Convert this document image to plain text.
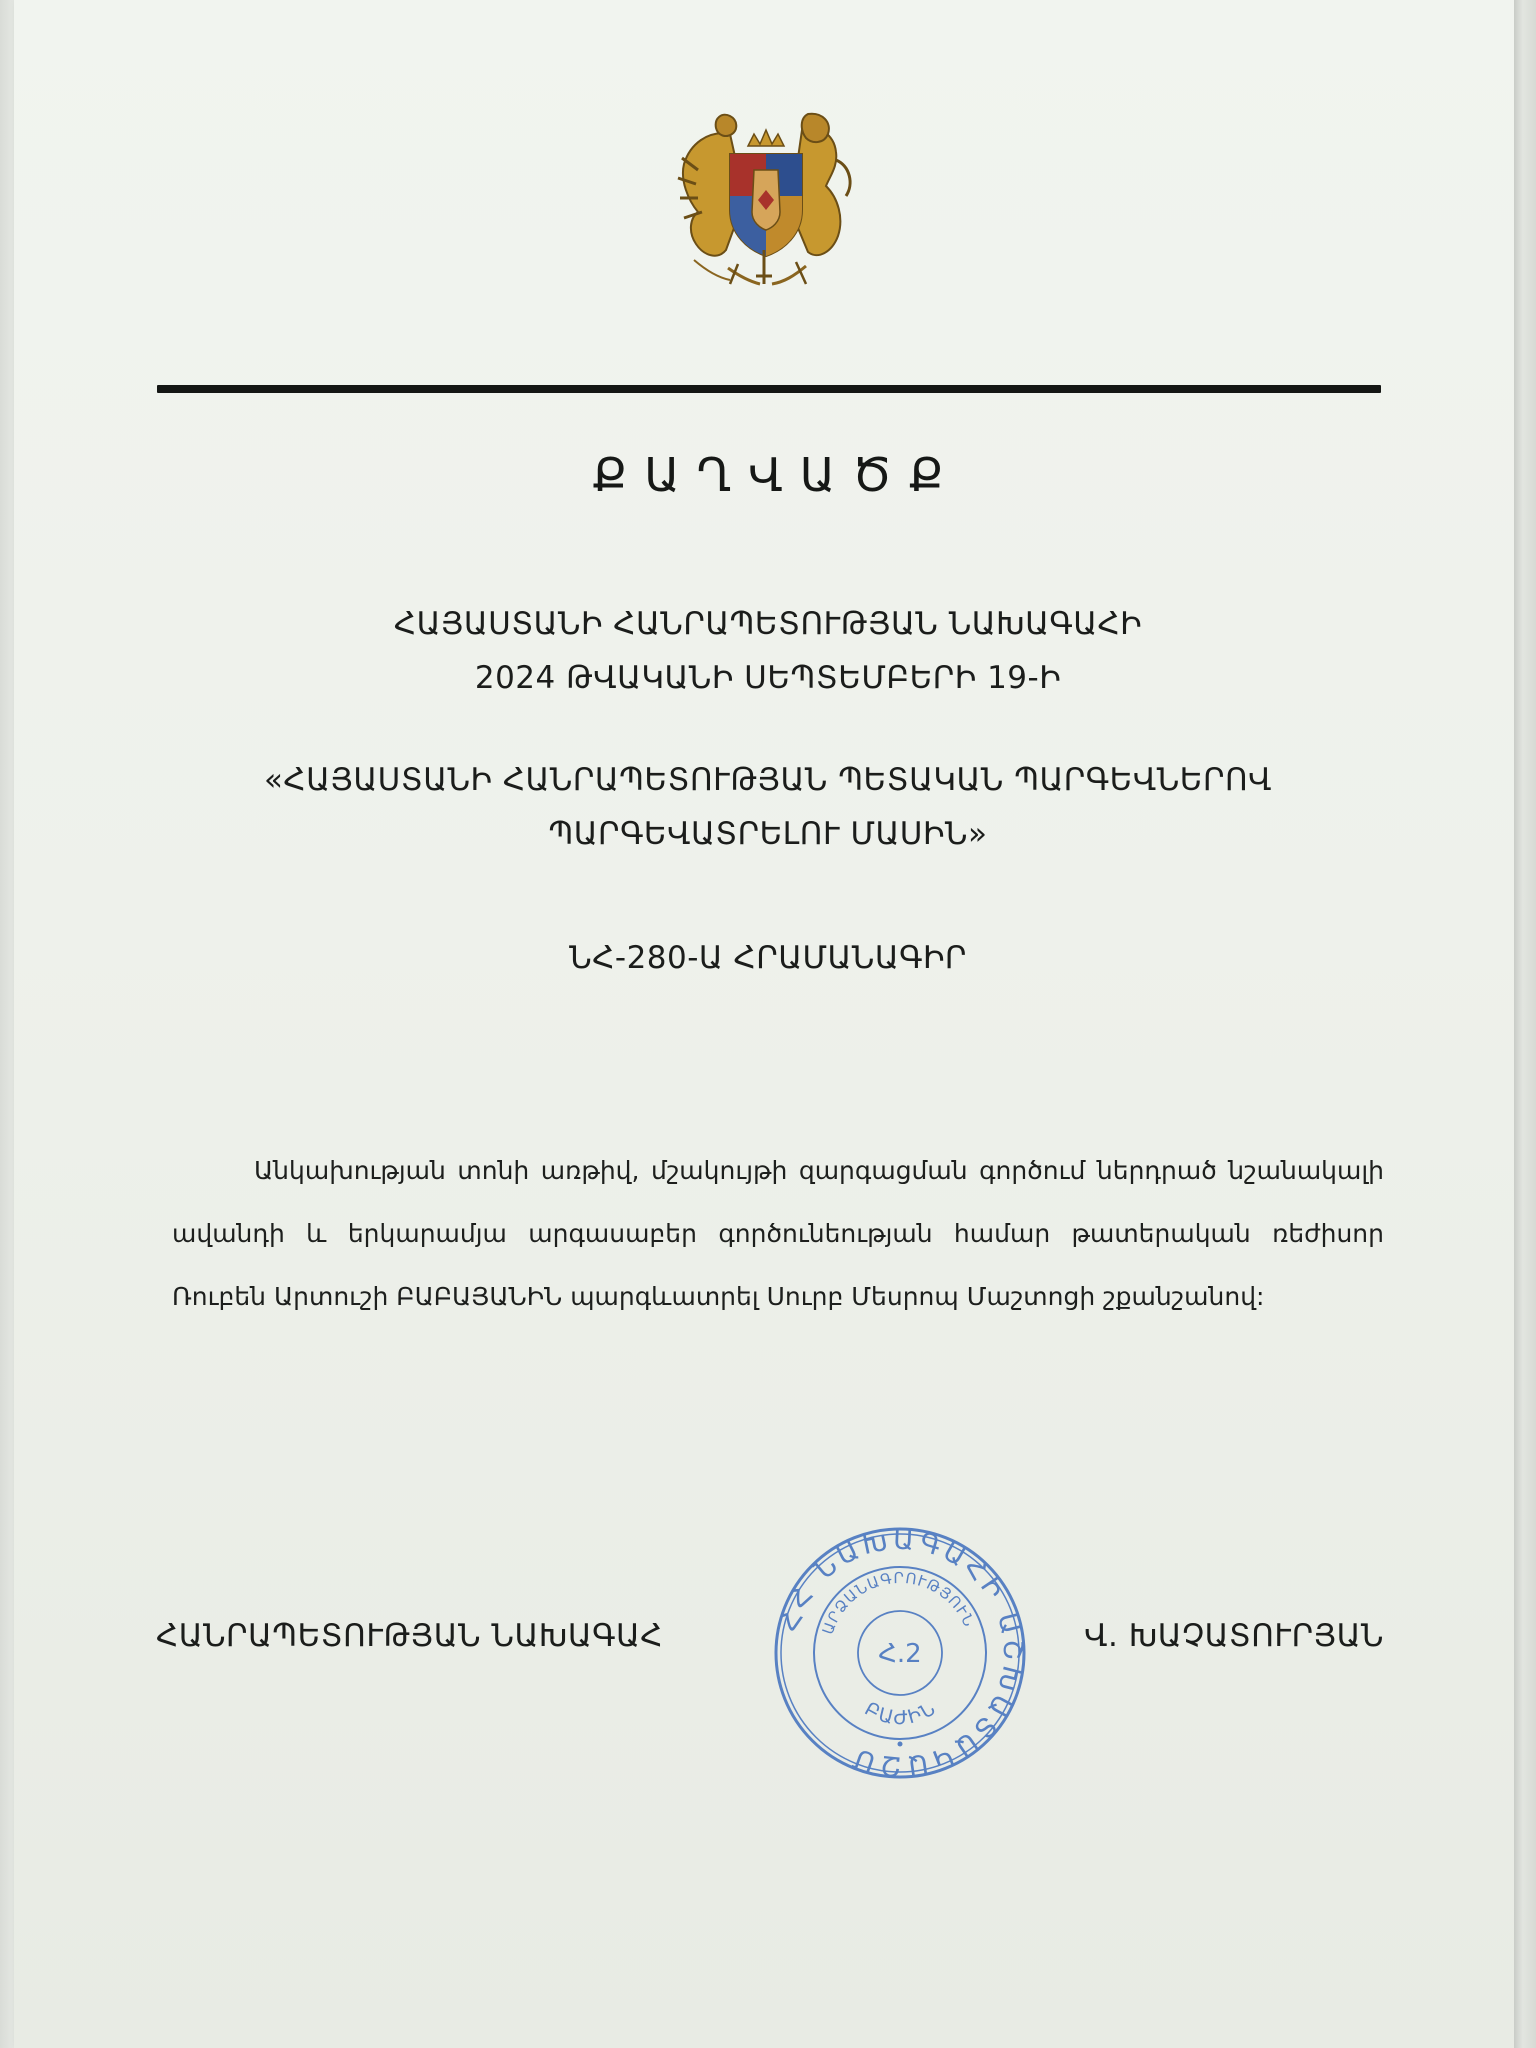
ՔԱՂՎԱԾՔ
ՀԱՅԱՍՏԱՆԻ ՀԱՆՐԱՊԵՏՈՒԹՅԱՆ ՆԱԽԱԳԱՀԻ
2024 ԹՎԱԿԱՆԻ ՍԵՊՏԵՄԲԵՐԻ 19-Ի
«ՀԱՅԱՍՏԱՆԻ ՀԱՆՐԱՊԵՏՈՒԹՅԱՆ ՊԵՏԱԿԱՆ ՊԱՐԳԵՎՆԵՐՈՎ
ՊԱՐԳԵՎԱՏՐԵԼՈՒ ՄԱՍԻՆ»
ՆՀ-280-Ա ՀՐԱՄԱՆԱԳԻՐ
Անկախության տոնի առթիվ, մշակույթի զարգացման գործում ներդրած նշանակալի ավանդի և երկարամյա արգասաբեր գործունեության համար թատերական ռեժիսոր Ռուբեն Արտուշի ԲԱԲԱՅԱՆԻՆ պարգևատրել Սուրբ Մեսրոպ Մաշտոցի շքանշանով:
ՀԱՆՐԱՊԵՏՈՒԹՅԱՆ ՆԱԽԱԳԱՀ	ՀՀ ՆԱԽԱԳԱՀԻ ԱՇԽԱՏԱԿԱԶՄ
ԱՐՁԱՆԱԳՐՈՒԹՅՈՒՆ
Հ.2
ԲԱԺԻՆ
Վ. ԽԱՉԱՏՈՒՐՅԱՆ
